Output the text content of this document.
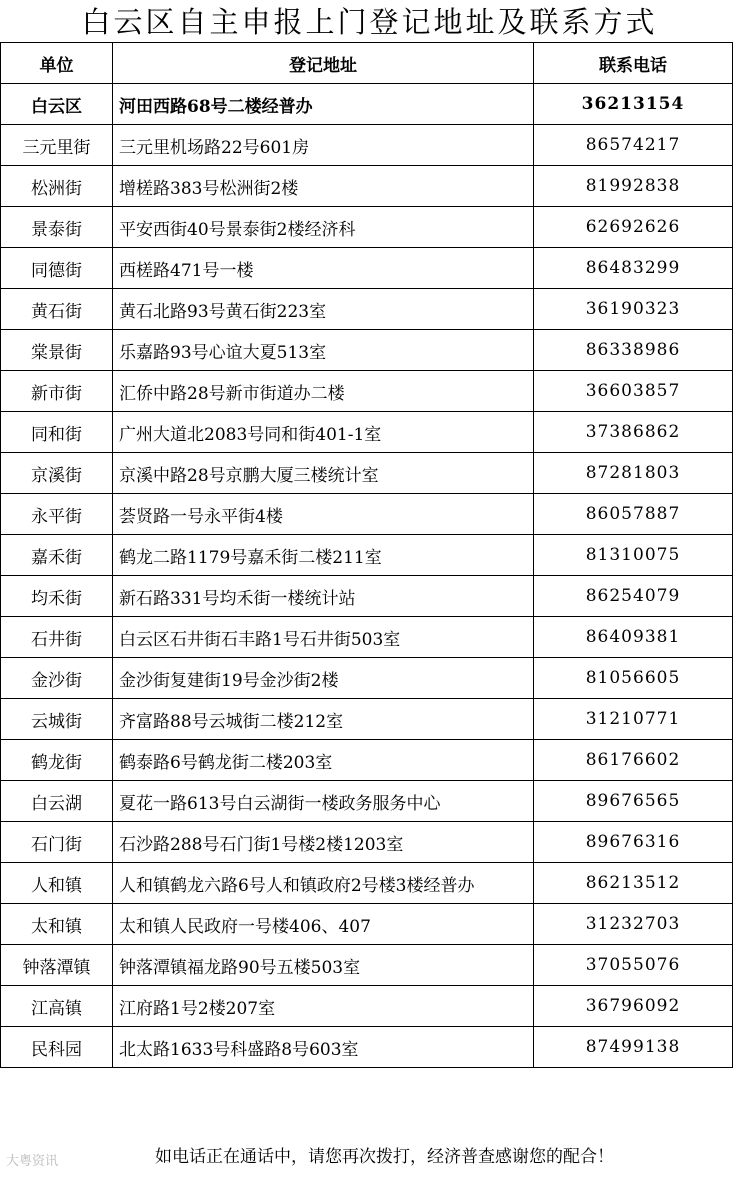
白云区自主申报上门登记地址及联系方式
单位	登记地址	联系电话
白云区	河田西路68号二楼经普办	36213154
三元里街	三元里机场路22号601房	86574217
松洲街	增槎路383号松洲街2楼	81992838
景泰街	平安西街40号景泰街2楼经济科	62692626
同德街	西槎路471号一楼	86483299
黄石街	黄石北路93号黄石街223室	36190323
棠景街	乐嘉路93号心谊大夏513室	86338986
新市街	汇侨中路28号新市街道办二楼	36603857
同和街	广州大道北2083号同和街401-1室	37386862
京溪街	京溪中路28号京鹏大厦三楼统计室	87281803
永平街	荟贤路一号永平街4楼	86057887
嘉禾街	鹤龙二路1179号嘉禾街二楼211室	81310075
均禾街	新石路331号均禾街一楼统计站	86254079
石井街	白云区石井街石丰路1号石井街503室	86409381
金沙街	金沙街复建街19号金沙街2楼	81056605
云城街	齐富路88号云城街二楼212室	31210771
鹤龙街	鹤泰路6号鹤龙街二楼203室	86176602
白云湖	夏花一路613号白云湖街一楼政务服务中心	89676565
石门街	石沙路288号石门街1号楼2楼1203室	89676316
人和镇	人和镇鹤龙六路6号人和镇政府2号楼3楼经普办	86213512
太和镇	太和镇人民政府一号楼406、407	31232703
钟落潭镇	钟落潭镇福龙路90号五楼503室	37055076
江高镇	江府路1号2楼207室	36796092
民科园	北太路1633号科盛路8号603室	87499138
大粤资讯	如电话正在通话中，请您再次拨打，经济普查感谢您的配合！
